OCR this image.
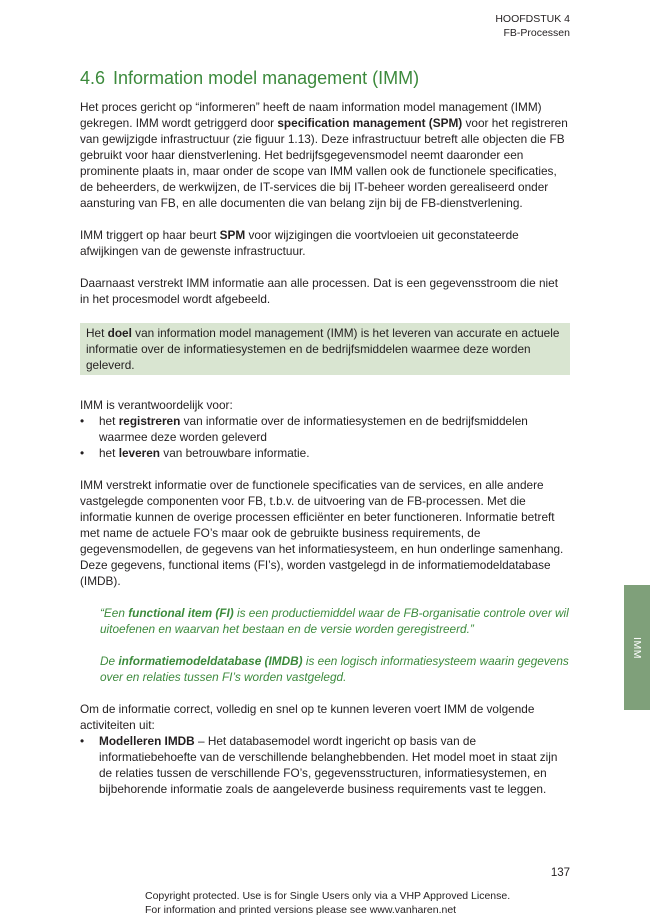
HOOFDSTUK 4
FB-Processen
4.6 Information model management (IMM)

Het proces gericht op “informeren” heeft de naam information model management (IMM) gekregen. IMM wordt getriggerd door specification management (SPM) voor het registreren van gewijzigde infrastructuur (zie figuur 1.13). Deze infrastructuur betreft alle objecten die FB gebruikt voor haar dienstverlening. Het bedrijfsgegevensmodel neemt daaronder een prominente plaats in, maar onder de scope van IMM vallen ook de functionele specificaties, de beheerders, de werkwijzen, de IT-services die bij IT-beheer worden gerealiseerd onder aansturing van FB, en alle documenten die van belang zijn bij de FB-dienstverlening.

IMM triggert op haar beurt SPM voor wijzigingen die voortvloeien uit geconstateerde afwijkingen van de gewenste infrastructuur.

Daarnaast verstrekt IMM informatie aan alle processen. Dat is een gegevensstroom die niet in het procesmodel wordt afgebeeld.

Het doel van information model management (IMM) is het leveren van accurate en actuele informatie over de informatiesystemen en de bedrijfsmiddelen waarmee deze worden geleverd.
IMM is verantwoordelijk voor:
• het registreren van informatie over de informatiesystemen en de bedrijfsmiddelen waarmee deze worden geleverd
• het leveren van betrouwbare informatie.

IMM verstrekt informatie over de functionele specificaties van de services, en alle andere vastgelegde componenten voor FB, t.b.v. de uitvoering van de FB-processen. Met die informatie kunnen de overige processen efficiënter en beter functioneren. Informatie betreft met name de actuele FO’s maar ook de gebruikte business requirements, de gegevensmodellen, de gegevens van het informatiesysteem, en hun onderlinge samenhang. Deze gegevens, functional items (FI’s), worden vastgelegd in de informatiemodeldatabase (IMDB).

“Een functional item (FI) is een productiemiddel waar de FB-organisatie controle over wil uitoefenen en waarvan het bestaan en de versie worden geregistreerd.”

De informatiemodeldatabase (IMDB) is een logisch informatiesysteem waarin gegevens over en relaties tussen FI’s worden vastgelegd.

Om de informatie correct, volledig en snel op te kunnen leveren voert IMM de volgende activiteiten uit:
• Modelleren IMDB – Het databasemodel wordt ingericht op basis van de informatiebehoefte van de verschillende belanghebbenden. Het model moet in staat zijn de relaties tussen de verschillende FO’s, gegevensstructuren, informatiesystemen, en bijbehorende informatie zoals de aangeleverde business requirements vast te leggen.
IMM
137
Copyright protected. Use is for Single Users only via a VHP Approved License.
For information and printed versions please see www.vanharen.net
